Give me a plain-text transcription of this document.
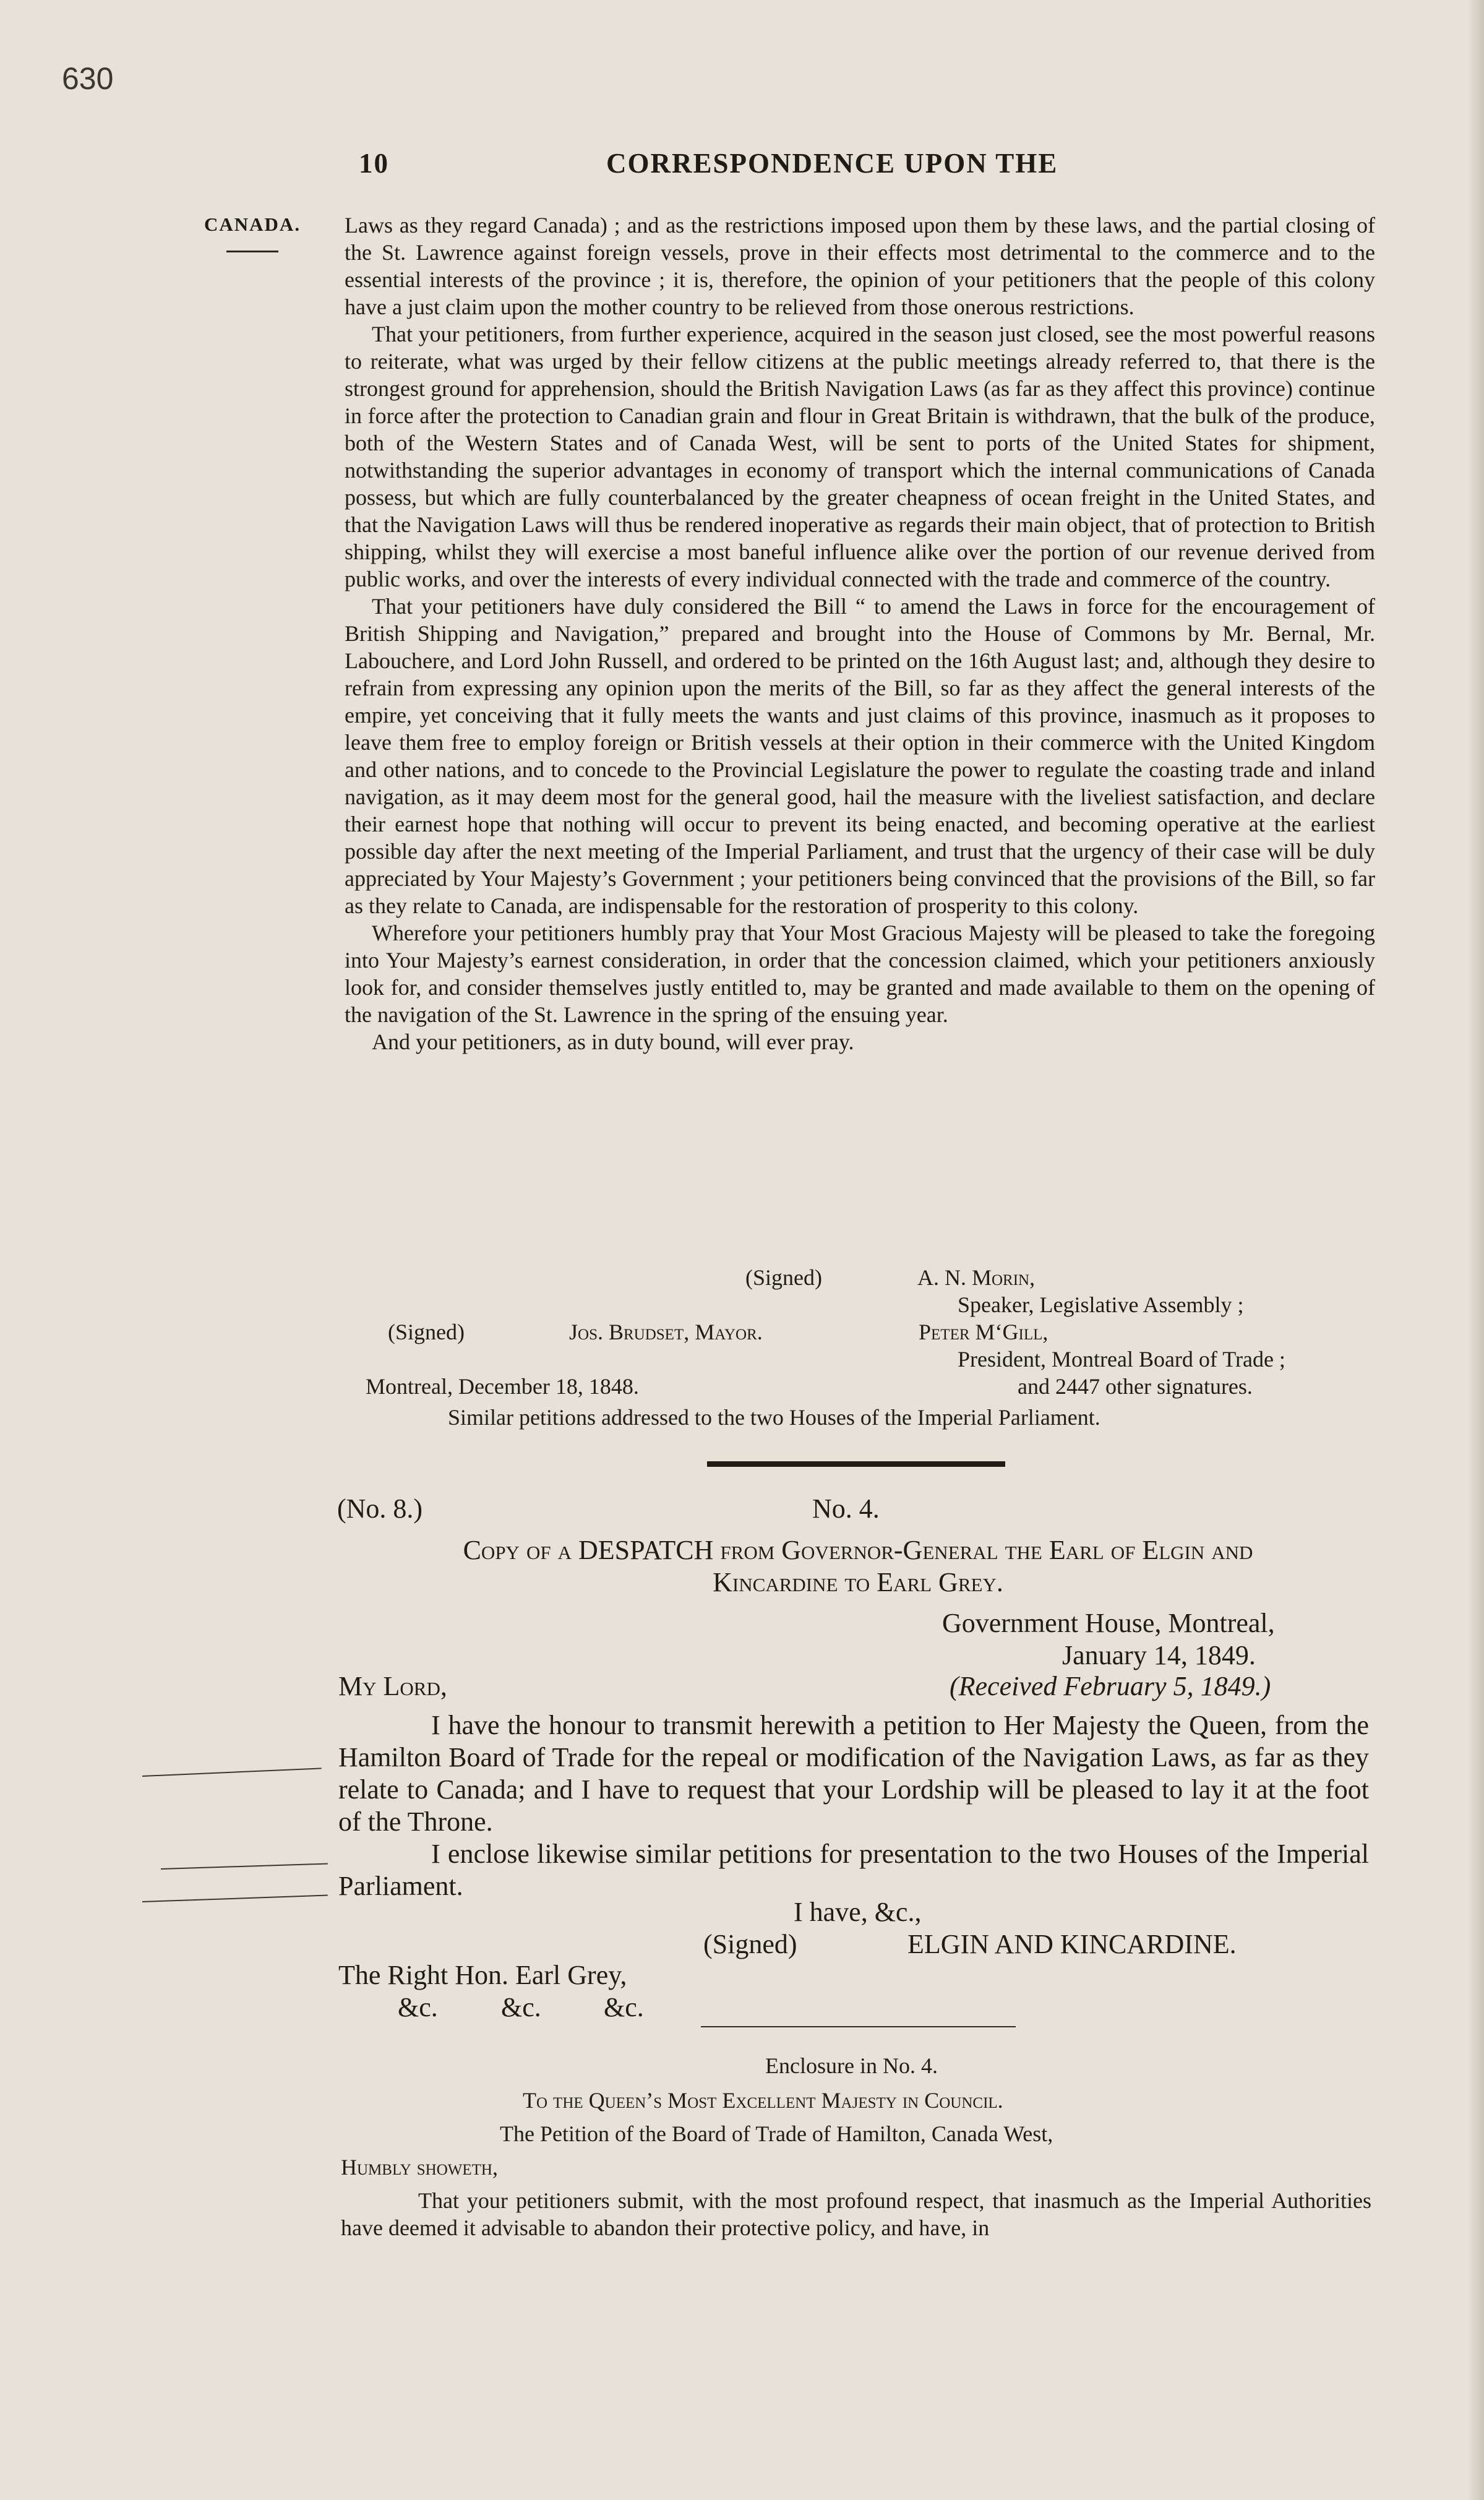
630
10	CORRESPONDENCE UPON THE
CANADA. Laws as they regard Canada) ; and as the restrictions imposed upon them by these laws, and the partial closing of the St. Lawrence against foreign vessels, prove in their effects most detrimental to the commerce and to the essential interests of the province ; it is, therefore, the opinion of your petitioners that the people of this colony have a just claim upon the mother country to be relieved from those onerous restrictions.

That your petitioners, from further experience, acquired in the season just closed, see the most powerful reasons to reiterate, what was urged by their fellow citizens at the public meetings already referred to, that there is the strongest ground for apprehension, should the British Navigation Laws (as far as they affect this province) continue in force after the protection to Canadian grain and flour in Great Britain is withdrawn, that the bulk of the produce, both of the Western States and of Canada West, will be sent to ports of the United States for shipment, notwithstanding the superior advantages in economy of transport which the internal communications of Canada possess, but which are fully counterbalanced by the greater cheapness of ocean freight in the United States, and that the Navigation Laws will thus be rendered inoperative as regards their main object, that of protection to British shipping, whilst they will exercise a most baneful influence alike over the portion of our revenue derived from public works, and over the interests of every individual connected with the trade and commerce of the country.

That your petitioners have duly considered the Bill “ to amend the Laws in force for the encouragement of British Shipping and Navigation,” prepared and brought into the House of Commons by Mr. Bernal, Mr. Labouchere, and Lord John Russell, and ordered to be printed on the 16th August last; and, although they desire to refrain from expressing any opinion upon the merits of the Bill, so far as they affect the general interests of the empire, yet conceiving that it fully meets the wants and just claims of this province, inasmuch as it proposes to leave them free to employ foreign or British vessels at their option in their commerce with the United Kingdom and other nations, and to concede to the Provincial Legislature the power to regulate the coasting trade and inland navigation, as it may deem most for the general good, hail the measure with the liveliest satisfaction, and declare their earnest hope that nothing will occur to prevent its being enacted, and becoming operative at the earliest possible day after the next meeting of the Imperial Parliament, and trust that the urgency of their case will be duly appreciated by Your Majesty’s Government ; your petitioners being convinced that the provisions of the Bill, so far as they relate to Canada, are indispensable for the restoration of prosperity to this colony.

Wherefore your petitioners humbly pray that Your Most Gracious Majesty will be pleased to take the foregoing into Your Majesty’s earnest consideration, in order that the concession claimed, which your petitioners anxiously look for, and consider themselves justly entitled to, may be granted and made available to them on the opening of the navigation of the St. Lawrence in the spring of the ensuing year.

And your petitioners, as in duty bound, will ever pray.

(Signed)	A. N. Morin,
Speaker, Legislative Assembly ;
(Signed)	Jos. Brudset, Mayor.	Peter M‘Gill,
President, Montreal Board of Trade ;
Montreal, December 18, 1848.	and 2447 other signatures.
Similar petitions addressed to the two Houses of the Imperial Parliament.
(No. 8.)	No. 4.
Copy of a DESPATCH from Governor-General the Earl of Elgin and
Kincardine to Earl Grey.
Government House, Montreal,
January 14, 1849.
My Lord,	(Received February 5, 1849.)

I have the honour to transmit herewith a petition to Her Majesty the Queen, from the Hamilton Board of Trade for the repeal or modification of the Navigation Laws, as far as they relate to Canada; and I have to request that your Lordship will be pleased to lay it at the foot of the Throne.

I enclose likewise similar petitions for presentation to the two Houses of the Imperial Parliament.

I have, &c.,
(Signed)	ELGIN AND KINCARDINE.
The Right Hon. Earl Grey,
&c. &c. &c.
Enclosure in No. 4.
To the Queen’s Most Excellent Majesty in Council.
The Petition of the Board of Trade of Hamilton, Canada West,
Humbly showeth,

That your petitioners submit, with the most profound respect, that inasmuch as the Imperial Authorities have deemed it advisable to abandon their protective policy, and have, in
